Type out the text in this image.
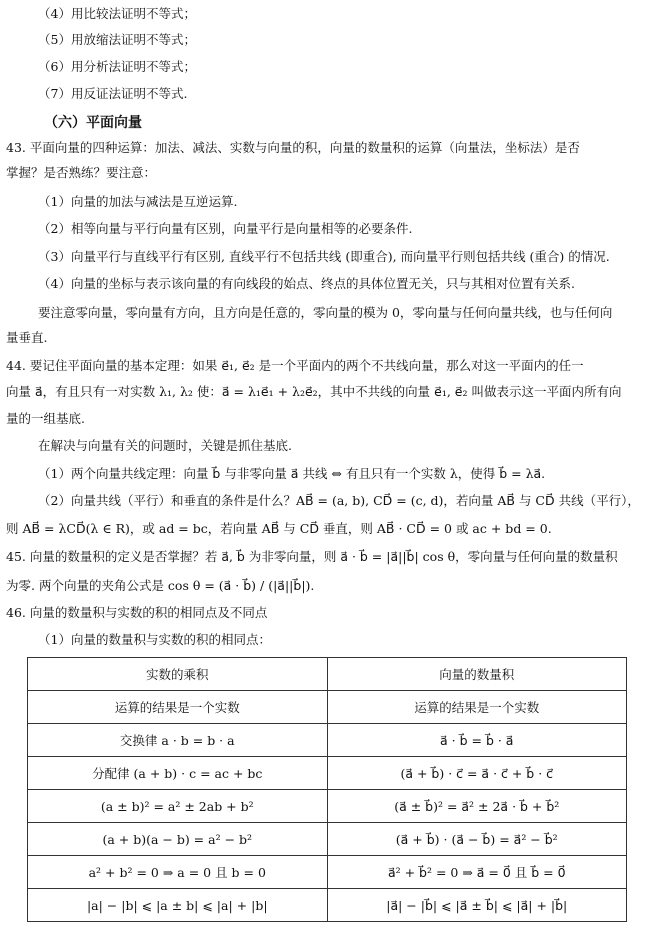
（4）用比较法证明不等式；
（5）用放缩法证明不等式；
（6）用分析法证明不等式；
（7）用反证法证明不等式.
（六）平面向量
43. 平面向量的四种运算：加法、减法、实数与向量的积，向量的数量积的运算（向量法，坐标法）是否
掌握？是否熟练？要注意：
（1）向量的加法与减法是互逆运算.
（2）相等向量与平行向量有区别，向量平行是向量相等的必要条件.
（3）向量平行与直线平行有区别, 直线平行不包括共线 (即重合), 而向量平行则包括共线 (重合) 的情况.
（4）向量的坐标与表示该向量的有向线段的始点、终点的具体位置无关，只与其相对位置有关系.
要注意零向量，零向量有方向，且方向是任意的，零向量的模为 0，零向量与任何向量共线，也与任何向
量垂直.
44. 要记住平面向量的基本定理：如果 e⃗₁, e⃗₂ 是一个平面内的两个不共线向量，那么对这一平面内的任一
向量 a⃗，有且只有一对实数 λ₁, λ₂ 使：a⃗ = λ₁e⃗₁ + λ₂e⃗₂，其中不共线的向量 e⃗₁, e⃗₂ 叫做表示这一平面内所有向
量的一组基底.
在解决与向量有关的问题时，关键是抓住基底.
（1）两个向量共线定理：向量 b⃗ 与非零向量 a⃗ 共线 ⇔ 有且只有一个实数 λ，使得 b⃗ = λa⃗.
（2）向量共线（平行）和垂直的条件是什么？AB⃗ = (a, b), CD⃗ = (c, d)，若向量 AB⃗ 与 CD⃗ 共线（平行），
则 AB⃗ = λCD⃗(λ ∈ R)，或 ad = bc，若向量 AB⃗ 与 CD⃗ 垂直，则 AB⃗ · CD⃗ = 0 或 ac + bd = 0.
45. 向量的数量积的定义是否掌握？若 a⃗, b⃗ 为非零向量，则 a⃗ · b⃗ = |a⃗||b⃗| cos θ，零向量与任何向量的数量积
为零. 两个向量的夹角公式是 cos θ = (a⃗ · b⃗) / (|a⃗||b⃗|).
46. 向量的数量积与实数的积的相同点及不同点
（1）向量的数量积与实数的积的相同点：
实数的乘积	向量的数量积
运算的结果是一个实数	运算的结果是一个实数
交换律 a · b = b · a	a⃗ · b⃗ = b⃗ · a⃗
分配律 (a + b) · c = ac + bc	(a⃗ + b⃗) · c⃗ = a⃗ · c⃗ + b⃗ · c⃗
(a ± b)² = a² ± 2ab + b²	(a⃗ ± b⃗)² = a⃗² ± 2a⃗ · b⃗ + b⃗²
(a + b)(a − b) = a² − b²	(a⃗ + b⃗) · (a⃗ − b⃗) = a⃗² − b⃗²
a² + b² = 0 ⇒ a = 0 且 b = 0	a⃗² + b⃗² = 0 ⇒ a⃗ = 0⃗ 且 b⃗ = 0⃗
|a| − |b| ⩽ |a ± b| ⩽ |a| + |b|	|a⃗| − |b⃗| ⩽ |a⃗ ± b⃗| ⩽ |a⃗| + |b⃗|
